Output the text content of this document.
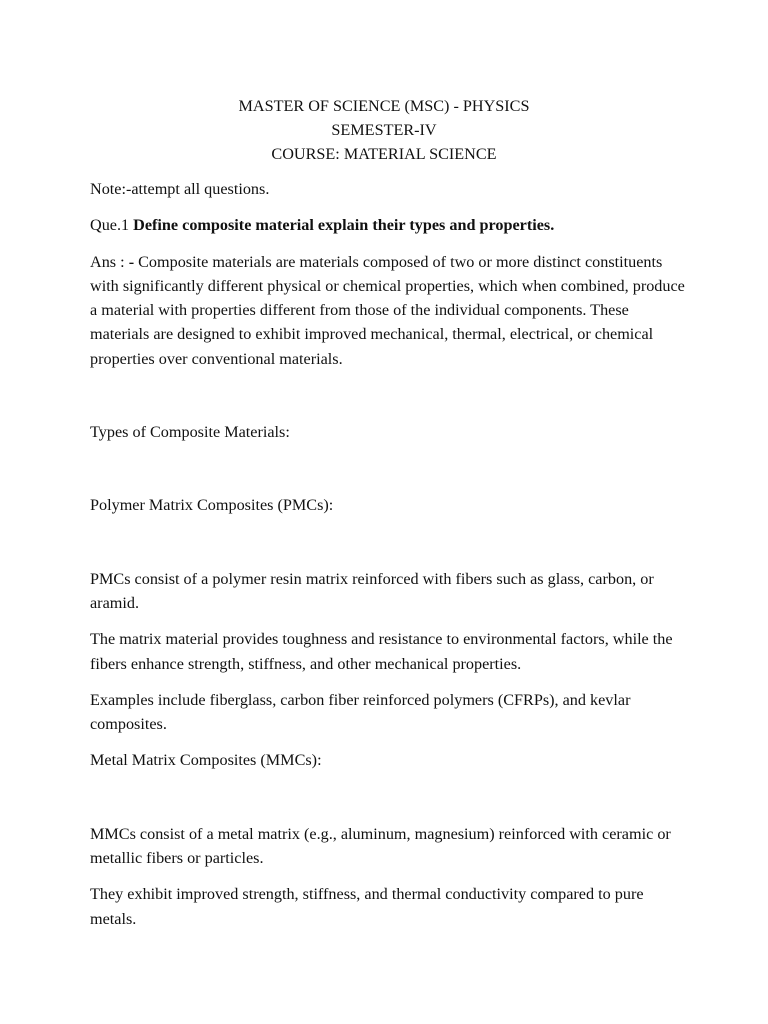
MASTER OF SCIENCE (MSC) - PHYSICS
SEMESTER-IV
COURSE: MATERIAL SCIENCE

Note:-attempt all questions.

Que.1 Define composite material explain their types and properties.

Ans : - Composite materials are materials composed of two or more distinct constituents with significantly different physical or chemical properties, which when combined, produce a material with properties different from those of the individual components. These materials are designed to exhibit improved mechanical, thermal, electrical, or chemical properties over conventional materials.

Types of Composite Materials:

Polymer Matrix Composites (PMCs):

PMCs consist of a polymer resin matrix reinforced with fibers such as glass, carbon, or aramid.

The matrix material provides toughness and resistance to environmental factors, while the fibers enhance strength, stiffness, and other mechanical properties.

Examples include fiberglass, carbon fiber reinforced polymers (CFRPs), and kevlar composites.

Metal Matrix Composites (MMCs):

MMCs consist of a metal matrix (e.g., aluminum, magnesium) reinforced with ceramic or metallic fibers or particles.

They exhibit improved strength, stiffness, and thermal conductivity compared to pure metals.
